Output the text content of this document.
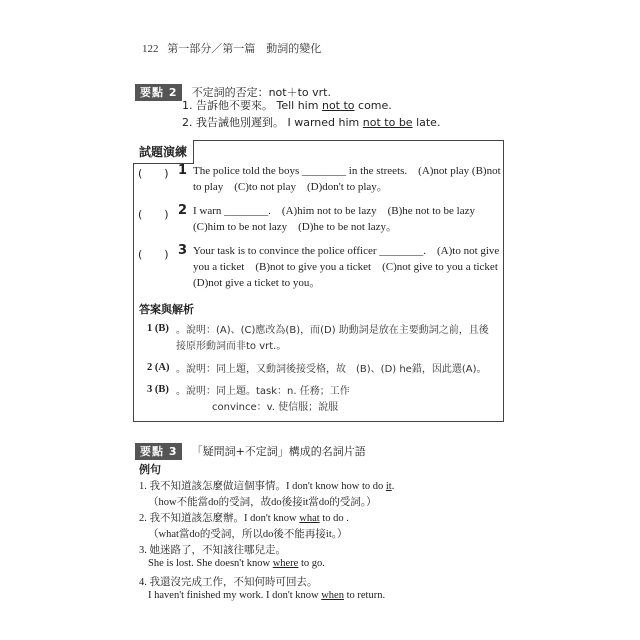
122 第一部分／第一篇　動詞的變化
要點 2 不定詞的否定：not＋to vrt.
1. 告訴他不要來。 Tell him not to come.
2. 我告誡他別遲到。 I warned him not to be late.
試題演練
(　　) 1 The police told the boys ________ in the streets.　(A)not play (B)not to play　(C)to not play　(D)don't to play。
(　　) 2 I warn ________.　(A)him not to be lazy　(B)he not to be lazy (C)him to be not lazy　(D)he to be not lazy。
(　　) 3 Your task is to convince the police officer ________.　(A)to not give you a ticket　(B)not to give you a ticket　(C)not give to you a ticket　(D)not give a ticket to you。
答案與解析
1 (B) 。說明：(A)、(C)應改為(B)，而(D) 助動詞是放在主要動詞之前，且後接原形動詞而非to vrt.。
2 (A) 。說明：同上題，又動詞後接受格，故　(B)、(D) he錯，因此選(A)。
3 (B) 。說明：同上題。task：n. 任務；工作
convince：v. 使信服；說服
要點 3 「疑問詞+不定詞」構成的名詞片語
例句
1. 我不知道該怎麼做這個事情。I don't know how to do it.
（how不能當do的受詞，故do後接it當do的受詞。）
2. 我不知道該怎麼辦。I don't know what to do .
（what當do的受詞，所以do後不能再接it。）
3. 她迷路了，不知該往哪兒走。
She is lost. She doesn't know where to go.
4. 我還沒完成工作，不知何時可回去。
I haven't finished my work. I don't know when to return.
